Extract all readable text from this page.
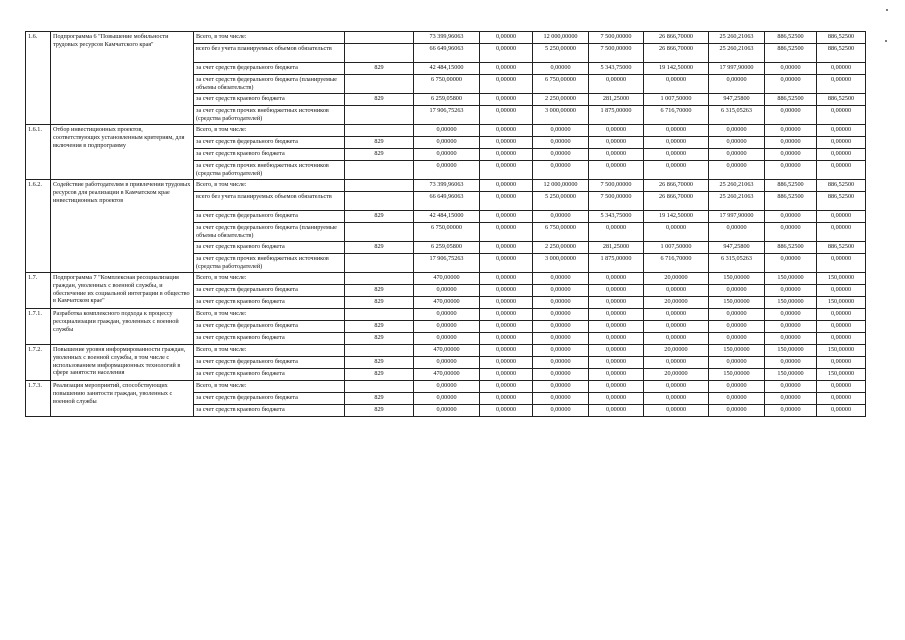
1.6.	Подпрограмма 6 "Повышение мобильности трудовых ресурсов Камчатского края"	Всего, в том числе:		73 399,96063	0,00000	12 000,00000	7 500,00000	26 866,70000	25 260,21063	886,52500	886,52500
		всего без учета планируемых объемов обязательств		66 649,96063	0,00000	5 250,00000	7 500,00000	26 866,70000	25 260,21063	886,52500	886,52500
		за счет средств федерального бюджета	829	42 484,15000	0,00000	0,00000	5 343,75000	19 142,50000	17 997,90000	0,00000	0,00000
		за счет средств федерального бюджета (планируемые объемы обязательств)		6 750,00000	0,00000	6 750,00000	0,00000	0,00000	0,00000	0,00000	0,00000
		за счет средств краевого бюджета	829	6 259,05800	0,00000	2 250,00000	281,25000	1 007,50000	947,25800	886,52500	886,52500
		за счет средств прочих внебюджетных источников (средства работодателей)		17 906,75263	0,00000	3 000,00000	1 875,00000	6 716,70000	6 315,05263	0,00000	0,00000
1.6.1.	Отбор инвестиционных проектов, соответствующих установленным критериям, для включения в подпрограмму	Всего, в том числе:		0,00000	0,00000	0,00000	0,00000	0,00000	0,00000	0,00000	0,00000
		за счет средств федерального бюджета	829	0,00000	0,00000	0,00000	0,00000	0,00000	0,00000	0,00000	0,00000
		за счет средств краевого бюджета	829	0,00000	0,00000	0,00000	0,00000	0,00000	0,00000	0,00000	0,00000
		за счет средств прочих внебюджетных источников (средства работодателей)		0,00000	0,00000	0,00000	0,00000	0,00000	0,00000	0,00000	0,00000
1.6.2.	Содействие работодателям в привлечении трудовых ресурсов для реализации в Камчатском крае инвестиционных проектов	Всего, в том числе:		73 399,96063	0,00000	12 000,00000	7 500,00000	26 866,70000	25 260,21063	886,52500	886,52500
		всего без учета планируемых объемов обязательств		66 649,96063	0,00000	5 250,00000	7 500,00000	26 866,70000	25 260,21063	886,52500	886,52500
		за счет средств федерального бюджета	829	42 484,15000	0,00000	0,00000	5 343,75000	19 142,50000	17 997,90000	0,00000	0,00000
		за счет средств федерального бюджета (планируемые объемы обязательств)		6 750,00000	0,00000	6 750,00000	0,00000	0,00000	0,00000	0,00000	0,00000
		за счет средств краевого бюджета	829	6 259,05800	0,00000	2 250,00000	281,25000	1 007,50000	947,25800	886,52500	886,52500
		за счет средств прочих внебюджетных источников (средства работодателей)		17 906,75263	0,00000	3 000,00000	1 875,00000	6 716,70000	6 315,05263	0,00000	0,00000
1.7.	Подпрограмма 7 "Комплексная ресоциализация граждан, уволенных с военной службы, и обеспечение их социальной интеграции в общество в Камчатском крае"	Всего, в том числе:		470,00000	0,00000	0,00000	0,00000	20,00000	150,00000	150,00000	150,00000
		за счет средств федерального бюджета	829	0,00000	0,00000	0,00000	0,00000	0,00000	0,00000	0,00000	0,00000
		за счет средств краевого бюджета	829	470,00000	0,00000	0,00000	0,00000	20,00000	150,00000	150,00000	150,00000
1.7.1.	Разработка комплексного подхода к процессу ресоциализации граждан, уволенных с военной службы	Всего, в том числе:		0,00000	0,00000	0,00000	0,00000	0,00000	0,00000	0,00000	0,00000
		за счет средств федерального бюджета	829	0,00000	0,00000	0,00000	0,00000	0,00000	0,00000	0,00000	0,00000
		за счет средств краевого бюджета	829	0,00000	0,00000	0,00000	0,00000	0,00000	0,00000	0,00000	0,00000
1.7.2.	Повышение уровня информированности граждан, уволенных с военной службы, в том числе с использованием информационных технологий в сфере занятости населения	Всего, в том числе:		470,00000	0,00000	0,00000	0,00000	20,00000	150,00000	150,00000	150,00000
		за счет средств федерального бюджета	829	0,00000	0,00000	0,00000	0,00000	0,00000	0,00000	0,00000	0,00000
		за счет средств краевого бюджета	829	470,00000	0,00000	0,00000	0,00000	20,00000	150,00000	150,00000	150,00000
1.7.3.	Реализация мероприятий, способствующих повышению занятости граждан, уволенных с военной службы	Всего, в том числе:		0,00000	0,00000	0,00000	0,00000	0,00000	0,00000	0,00000	0,00000
		за счет средств федерального бюджета	829	0,00000	0,00000	0,00000	0,00000	0,00000	0,00000	0,00000	0,00000
		за счет средств краевого бюджета	829	0,00000	0,00000	0,00000	0,00000	0,00000	0,00000	0,00000	0,00000
